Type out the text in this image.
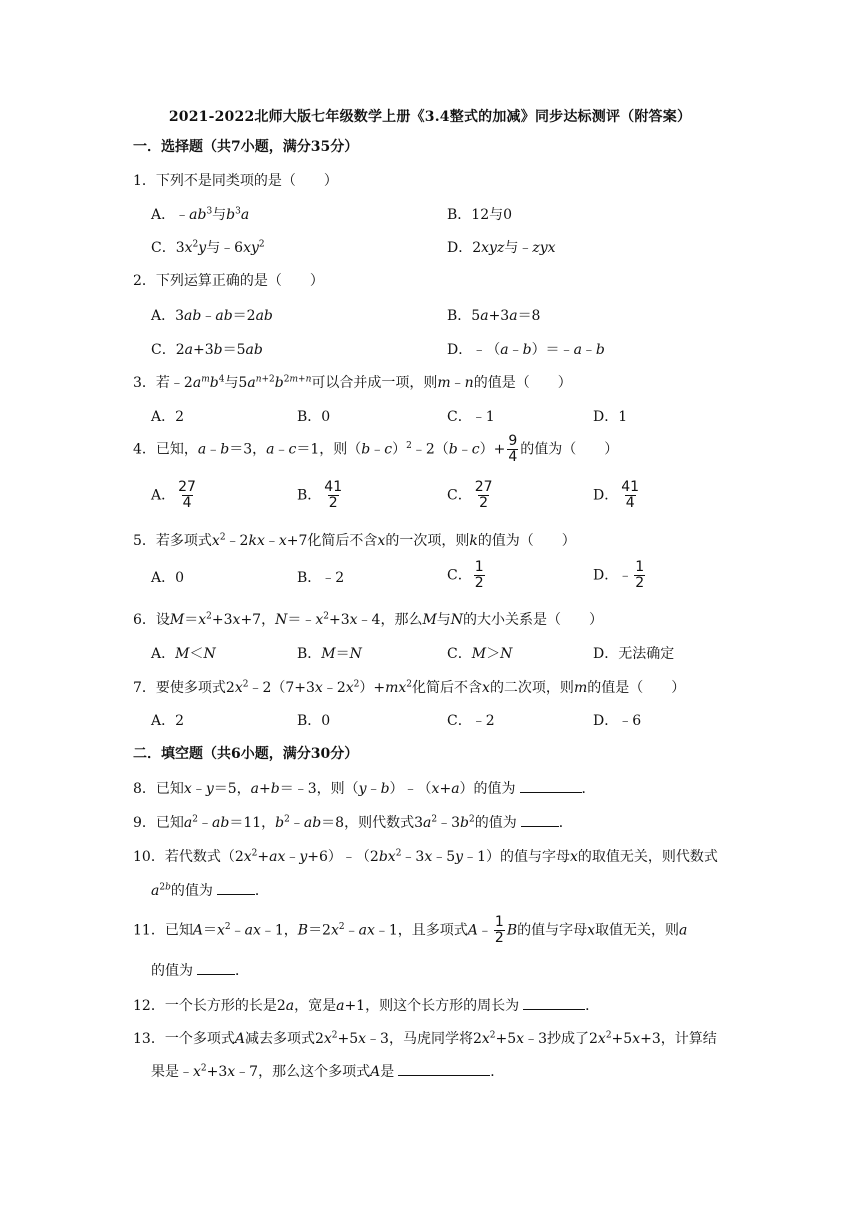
2021-2022北师大版七年级数学上册《3.4整式的加减》同步达标测评（附答案）
一．选择题（共7小题，满分35分）
1．下列不是同类项的是（　　）
A．$﹣ab^3$与$b^3a$	B．12与0
C．$3x^2y$与$﹣6xy^2$	D．2xyz与﹣zyx
2．下列运算正确的是（　　）
A．3ab﹣ab＝2ab	B．5a+3a＝8
C．2a+3b＝5ab	D．﹣（a﹣b）＝﹣a﹣b
3．若$﹣2a^mb^4$与$5a^{n+2}b^{2m+n}$可以合并成一项，则m﹣n的值是（　　）
A．2	B．0	C．﹣1	D．1
4．已知，a﹣b＝3，a﹣c＝1，则（b﹣c）$^2$﹣2（b﹣c）+ $\frac{9}{4}$ 的值为（　　）
A． $\frac{27}{4}$	B． $\frac{41}{2}$	C． $\frac{27}{2}$	D． $\frac{41}{4}$
5．若多项式$x^2﹣2kx﹣x+7$化简后不含x的一次项，则k的值为（　　）
A．0	B．﹣2	C． $\frac{1}{2}$	D．﹣ $\frac{1}{2}$
6．设$M=x^2+3x+7$，$N=﹣x^2+3x﹣4$，那么M与N的大小关系是（　　）
A．M＜N	B．M＝N	C．M＞N	D．无法确定
7．要使多项式$2x^2﹣2(7+3x﹣2x^2)+mx^2$化简后不含x的二次项，则m的值是（　　）
A．2	B．0	C．﹣2	D．﹣6
二．填空题（共6小题，满分30分）
8．已知x﹣y＝5，a+b＝﹣3，则（y﹣b）﹣（x+a）的值为	．
9．已知$a^2﹣ab=11$，$b^2﹣ab=8$，则代数式$3a^2﹣3b^2$的值为	．
10．若代数式$(2x^2+ax﹣y+6)﹣(2bx^2﹣3x﹣5y﹣1)$的值与字母x的取值无关，则代数式
$a^{2b}$的值为	．
11．已知$A=x^2﹣ax﹣1$，$B=2x^2﹣ax﹣1$，且多项式A﹣ $\frac{1}{2}$ B的值与字母x取值无关，则a
的值为	．
12．一个长方形的长是2a，宽是a+1，则这个长方形的周长为	．
13．一个多项式A减去多项式$2x^2+5x﹣3$，马虎同学将$2x^2+5x﹣3$抄成了$2x^2+5x+3$，计算结
果是$﹣x^2+3x﹣7$，那么这个多项式A是	．
